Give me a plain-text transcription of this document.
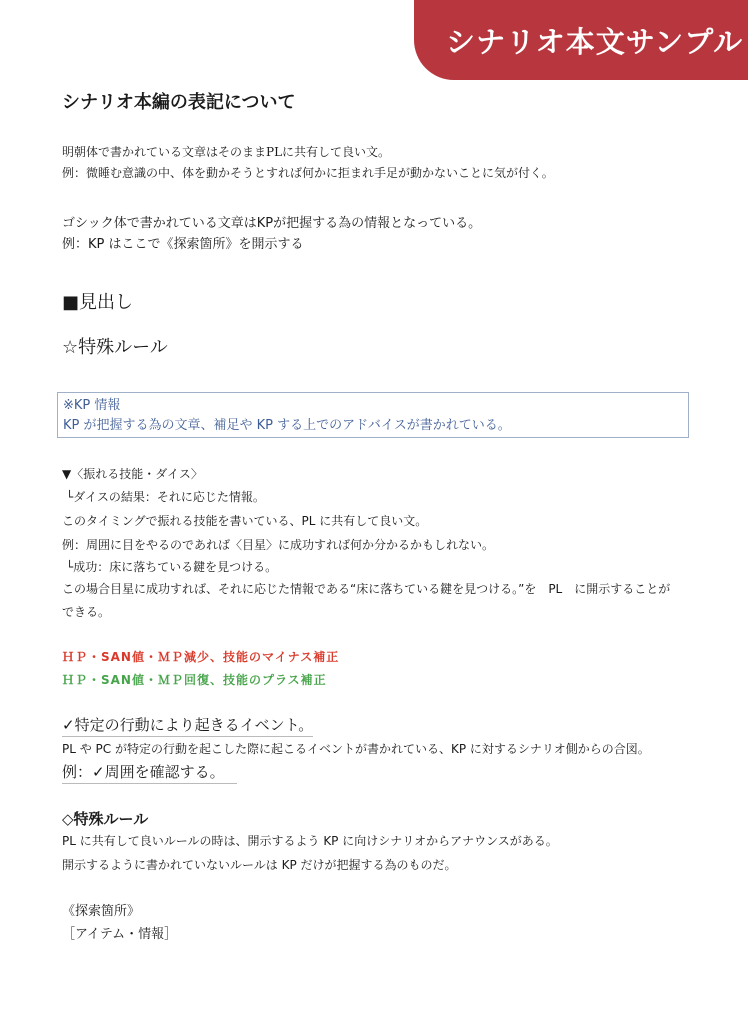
シナリオ本文サンプル
シナリオ本編の表記について
明朝体で書かれている文章はそのままPLに共有して良い文。
例：微睡む意識の中、体を動かそうとすれば何かに拒まれ手足が動かないことに気が付く。
ゴシック体で書かれている文章はKPが把握する為の情報となっている。
例：KP はここで《探索箇所》を開示する
■見出し
☆特殊ルール
※KP 情報
KP が把握する為の文章、補足や KP する上でのアドバイスが書かれている。
▼〈振れる技能・ダイス〉
└ダイスの結果：それに応じた情報。
このタイミングで振れる技能を書いている、PL に共有して良い文。
例：周囲に目をやるのであれば〈目星〉に成功すれば何か分かるかもしれない。
└成功：床に落ちている鍵を見つける。
この場合目星に成功すれば、それに応じた情報である“床に落ちている鍵を見つける。”を　PL　に開示することが
できる。
ＨＰ・SAN値・ＭＰ減少、技能のマイナス補正
ＨＰ・SAN値・ＭＰ回復、技能のプラス補正
✓特定の行動により起きるイベント。
PL や PC が特定の行動を起こした際に起こるイベントが書かれている、KP に対するシナリオ側からの合図。
例：✓周囲を確認する。
◇特殊ルール
PL に共有して良いルールの時は、開示するよう KP に向けシナリオからアナウンスがある。
開示するように書かれていないルールは KP だけが把握する為のものだ。
《探索箇所》
［アイテム・情報］
